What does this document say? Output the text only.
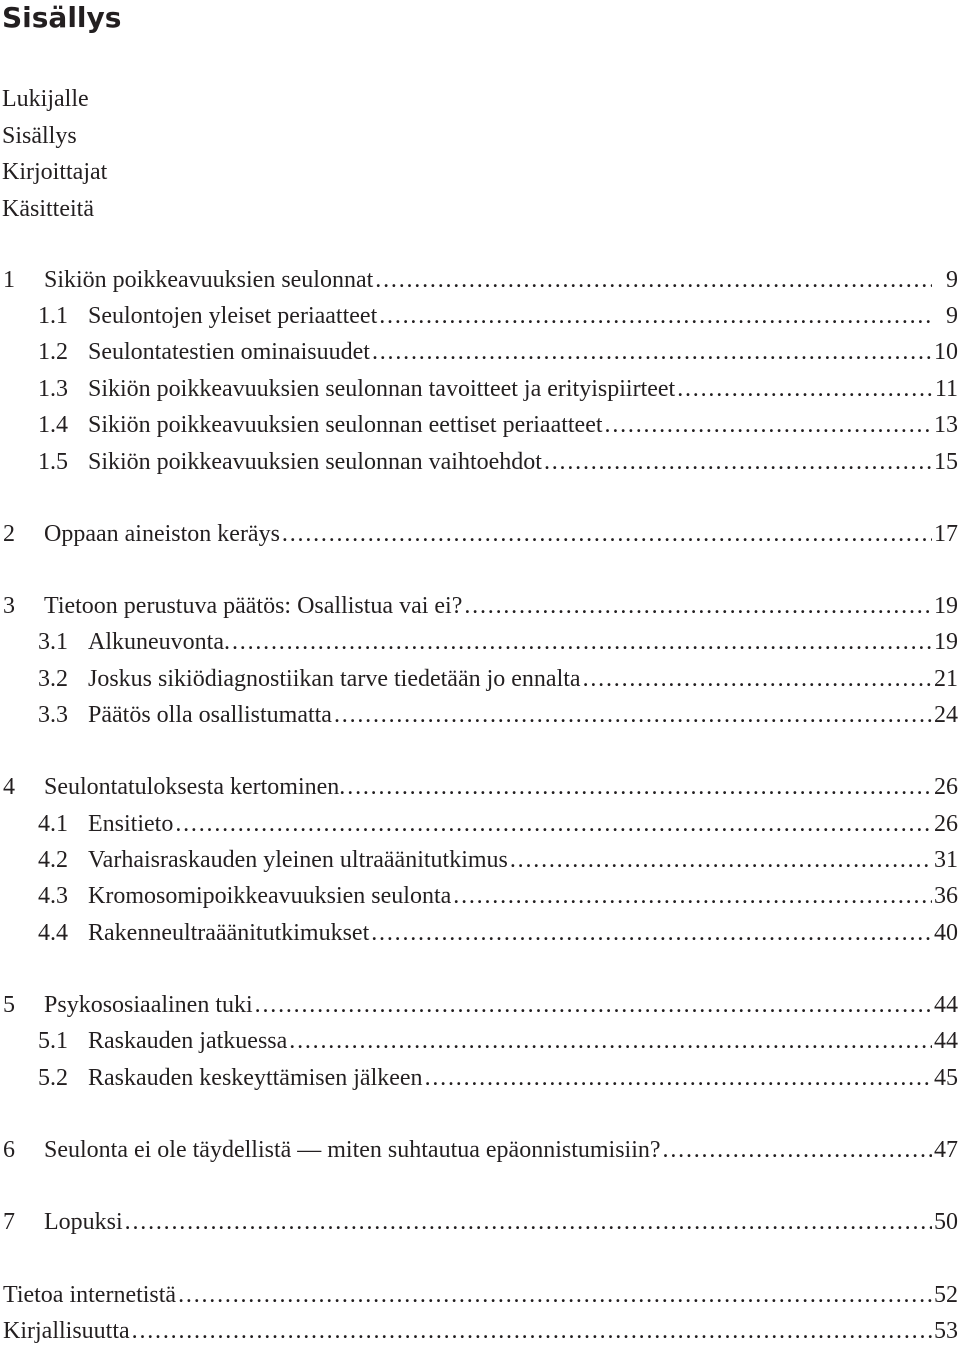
Sisällys
Lukijalle
Sisällys
Kirjoittajat
Käsitteitä
1	Sikiön poikkeavuuksien seulonnat . . .	9
1.1 Seulontojen yleiset periaatteet . . .	9
1.2 Seulontatestien ominaisuudet . . .	10
1.3 Sikiön poikkeavuuksien seulonnan tavoitteet ja erityispiirteet . . .	11
1.4 Sikiön poikkeavuuksien seulonnan eettiset periaatteet . . .	13
1.5 Sikiön poikkeavuuksien seulonnan vaihtoehdot . . .	15
2	Oppaan aineiston keräys . . .	17
3	Tietoon perustuva päätös: Osallistua vai ei? . . .	19
3.1 Alkuneuvonta. . . .	19
3.2 Joskus sikiödiagnostiikan tarve tiedetään jo ennalta . . .	21
3.3 Päätös olla osallistumatta . . .	24
4	Seulontatuloksesta kertominen. . . .	26
4.1 Ensitieto . . .	26
4.2 Varhaisraskauden yleinen ultraäänitutkimus . . .	31
4.3 Kromosomipoikkeavuuksien seulonta . . .	36
4.4 Rakenneultraäänitutkimukset . . .	40
5	Psykososiaalinen tuki . . .	44
5.1 Raskauden jatkuessa . . .	44
5.2 Raskauden keskeyttämisen jälkeen . . .	45
6	Seulonta ei ole täydellistä — miten suhtautua epäonnistumisiin? . . .	47
7	Lopuksi . . .	50
Tietoa internetistä . . .	52
Kirjallisuutta . . .	53
